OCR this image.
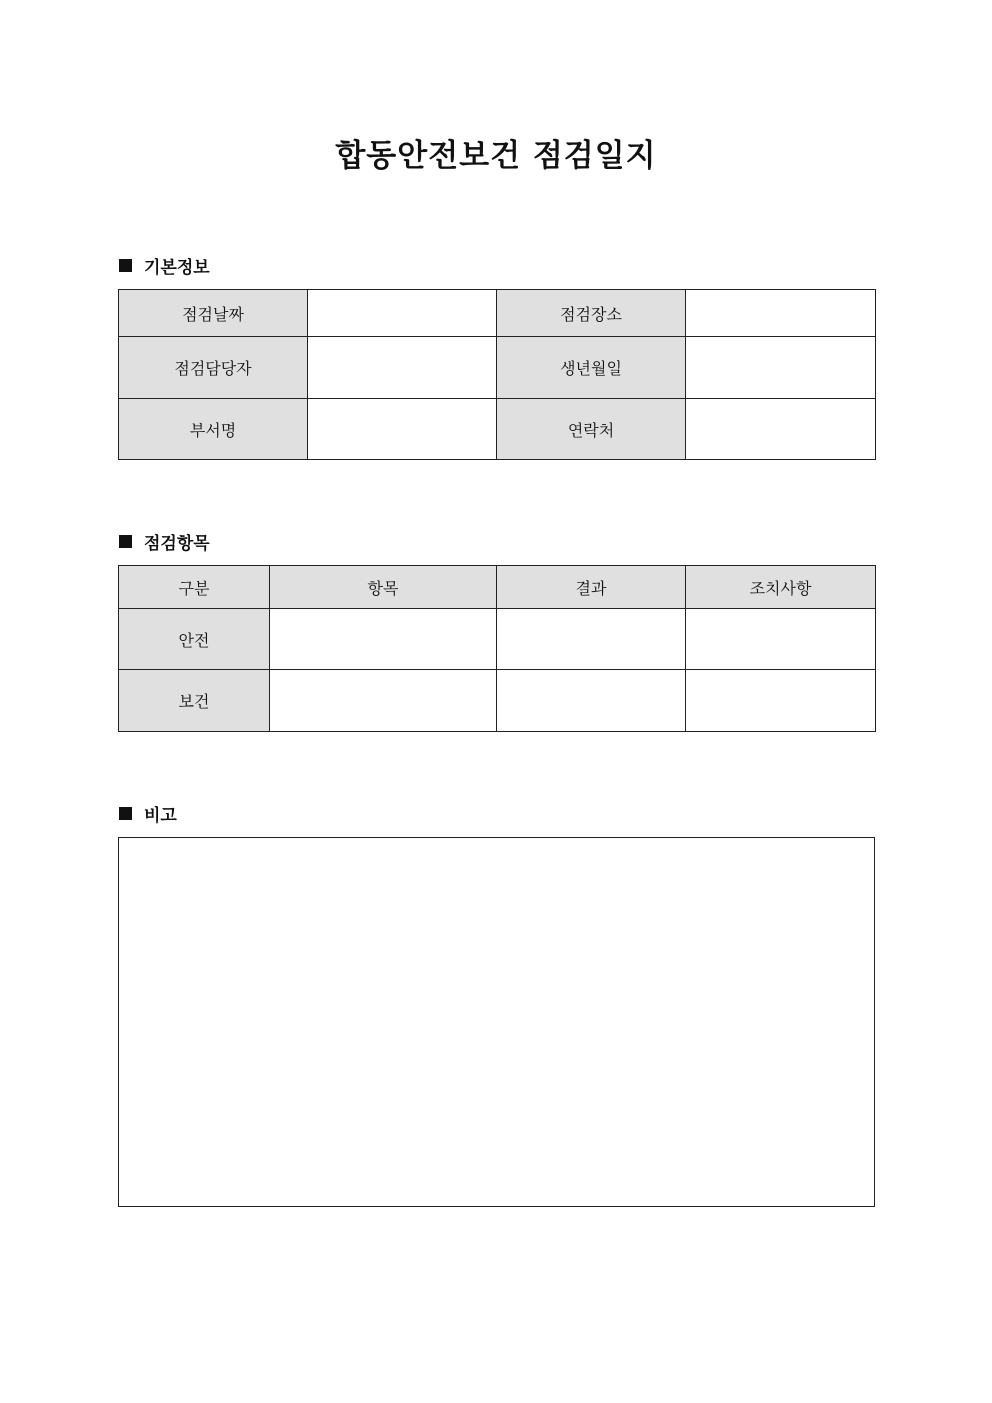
합동안전보건 점검일지
기본정보
점검날짜		점검장소	
점검담당자		생년월일	
부서명		연락처	
점검항목
구분	항목	결과	조치사항
안전			
보건			
비고
